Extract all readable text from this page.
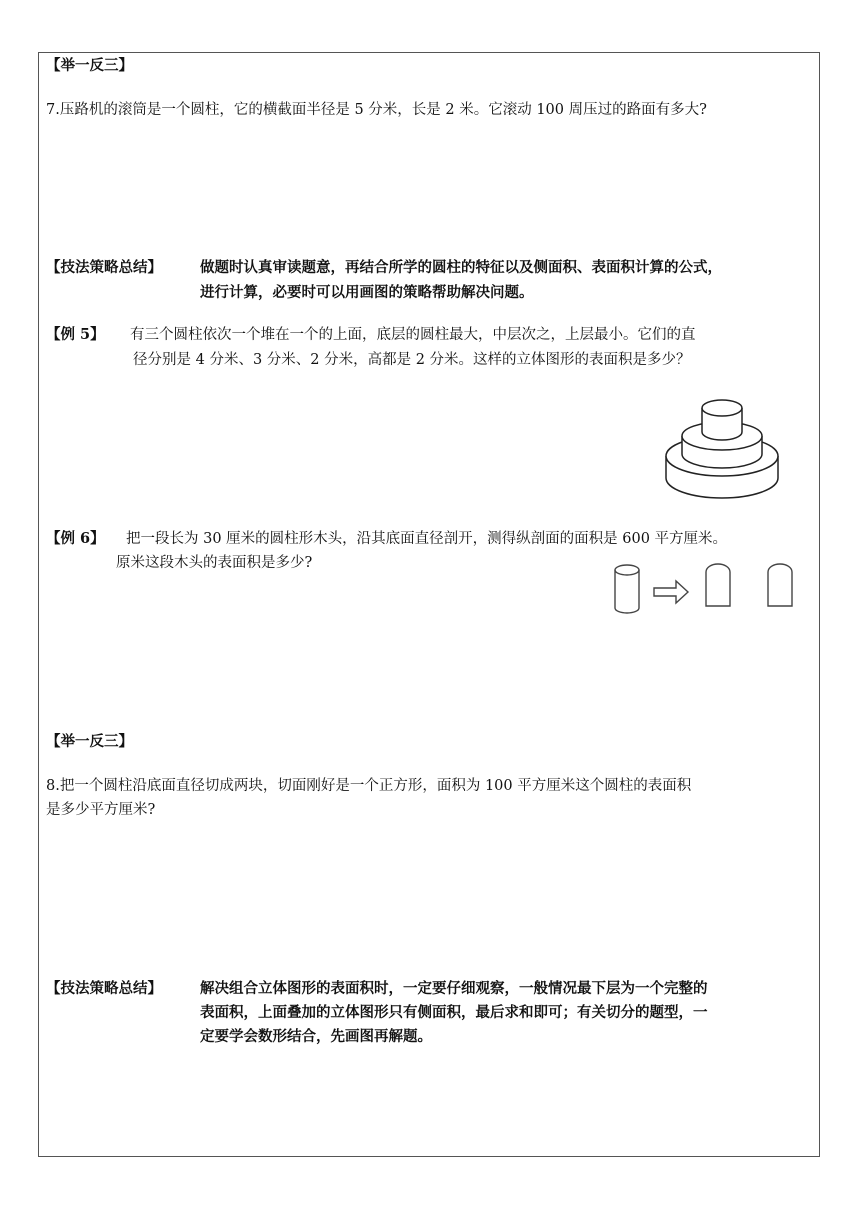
【举一反三】
7.压路机的滚筒是一个圆柱，它的横截面半径是 5 分米，长是 2 米。它滚动 100 周压过的路面有多大?
【技法策略总结】	做题时认真审读题意，再结合所学的圆柱的特征以及侧面积、表面积计算的公式，
进行计算，必要时可以用画图的策略帮助解决问题。
【例 5】 有三个圆柱依次一个堆在一个的上面，底层的圆柱最大，中层次之，上层最小。它们的直
径分别是 4 分米、3 分米、2 分米，高都是 2 分米。这样的立体图形的表面积是多少？
【例 6】 把一段长为 30 厘米的圆柱形木头，沿其底面直径剖开，测得纵剖面的面积是 600 平方厘米。
原米这段木头的表面积是多少?
【举一反三】
8.把一个圆柱沿底面直径切成两块，切面刚好是一个正方形，面积为 100 平方厘米这个圆柱的表面积
是多少平方厘米?
【技法策略总结】	解决组合立体图形的表面积时，一定要仔细观察，一般情况最下层为一个完整的
表面积，上面叠加的立体图形只有侧面积，最后求和即可；有关切分的题型，一
定要学会数形结合，先画图再解题。
